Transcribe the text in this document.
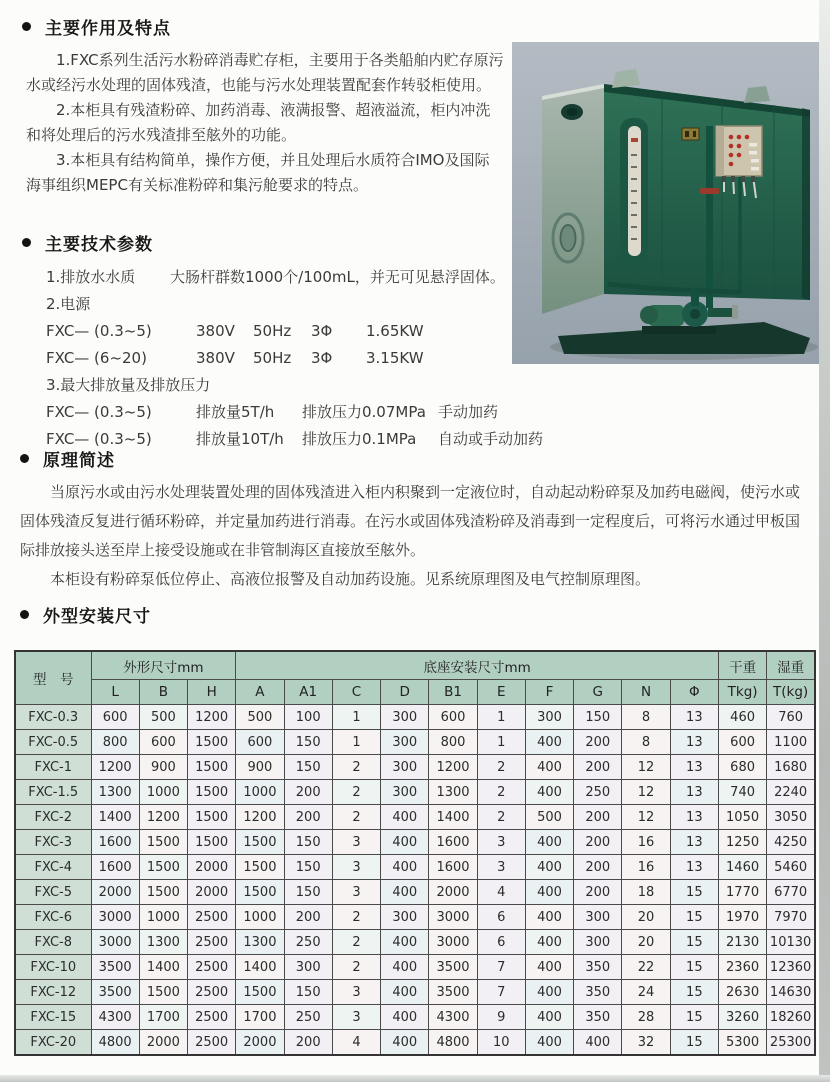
主要作用及特点

1.FXC系列生活污水粉碎消毒贮存柜，主要用于各类船舶内贮存原污水或经污水处理的固体残渣，也能与污水处理装置配套作转驳柜使用。

2.本柜具有残渣粉碎、加药消毒、液满报警、超液溢流，柜内冲洗和将处理后的污水残渣排至舷外的功能。

3.本柜具有结构简单，操作方便，并且处理后水质符合IMO及国际海事组织MEPC有关标准粉碎和集污舱要求的特点。

主要技术参数
1.排放水水质	大肠杆群数1000个/100mL，并无可见悬浮固体。
2.电源
FXC— (0.3~5)	380V	50Hz	3Φ	1.65KW
FXC— (6~20)	380V	50Hz	3Φ	3.15KW
3.最大排放量及排放压力
FXC— (0.3~5)	排放量5T/h	排放压力0.07MPa 手动加药
FXC— (0.3~5)	排放量10T/h	排放压力0.1MPa	自动或手动加药
原理简述

当原污水或由污水处理装置处理的固体残渣进入柜内积聚到一定液位时，自动起动粉碎泵及加药电磁阀，使污水或固体残渣反复进行循环粉碎，并定量加药进行消毒。在污水或固体残渣粉碎及消毒到一定程度后，可将污水通过甲板国际排放接头送至岸上接受设施或在非管制海区直接放至舷外。

本柜设有粉碎泵低位停止、高液位报警及自动加药设施。见系统原理图及电气控制原理图。

外型安装尺寸
型　号	外形尺寸mm			底座安装尺寸mm										干重	湿重
	L	B	H	A	A1	C	D	B1	E	F	G	N	Φ	Tkg)	T(kg)
FXC-0.3	600	500	1200	500	100	1	300	600	1	300	150	8	13	460	760
FXC-0.5	800	600	1500	600	150	1	300	800	1	400	200	8	13	600	1100
FXC-1	1200	900	1500	900	150	2	300	1200	2	400	200	12	13	680	1680
FXC-1.5	1300	1000	1500	1000	200	2	300	1300	2	400	250	12	13	740	2240
FXC-2	1400	1200	1500	1200	200	2	400	1400	2	500	200	12	13	1050	3050
FXC-3	1600	1500	1500	1500	150	3	400	1600	3	400	200	16	13	1250	4250
FXC-4	1600	1500	2000	1500	150	3	400	1600	3	400	200	16	13	1460	5460
FXC-5	2000	1500	2000	1500	150	3	400	2000	4	400	200	18	15	1770	6770
FXC-6	3000	1000	2500	1000	200	2	300	3000	6	400	300	20	15	1970	7970
FXC-8	3000	1300	2500	1300	250	2	400	3000	6	400	300	20	15	2130	10130
FXC-10	3500	1400	2500	1400	300	2	400	3500	7	400	350	22	15	2360	12360
FXC-12	3500	1500	2500	1500	150	3	400	3500	7	400	350	24	15	2630	14630
FXC-15	4300	1700	2500	1700	250	3	400	4300	9	400	350	28	15	3260	18260
FXC-20	4800	2000	2500	2000	200	4	400	4800	10	400	400	32	15	5300	25300
